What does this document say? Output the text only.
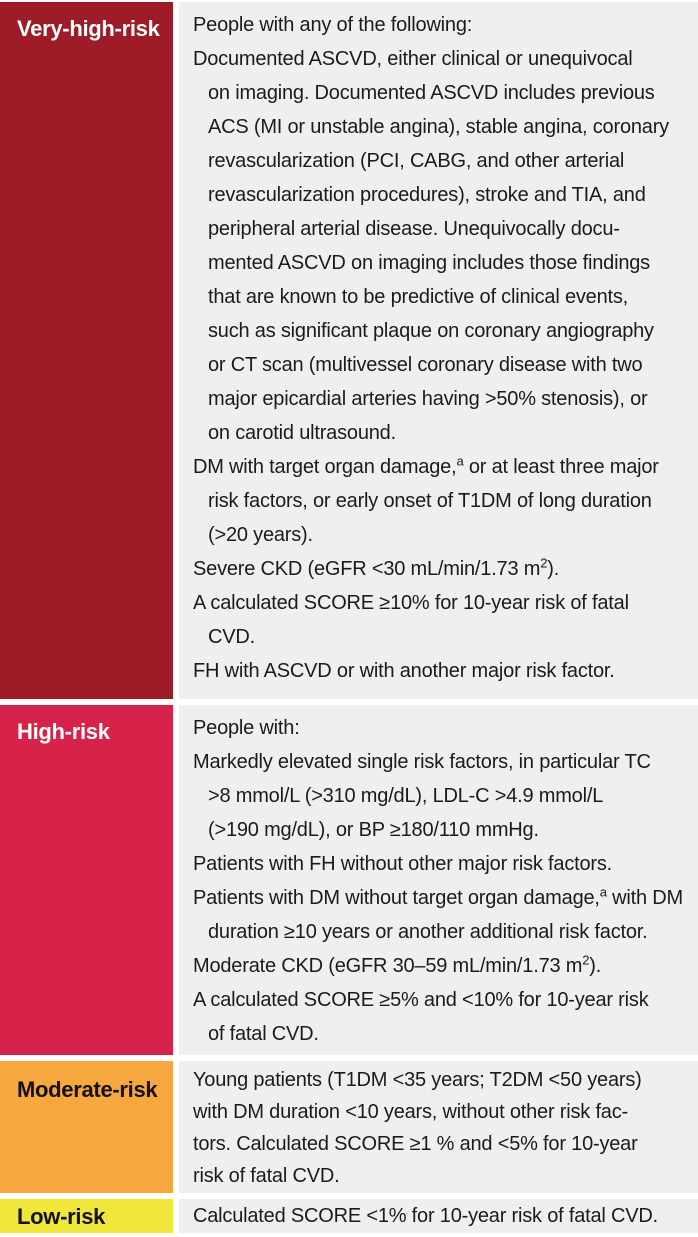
Very-high-risk	People with any of the following:
Documented ASCVD, either clinical or unequivocal
on imaging. Documented ASCVD includes previous
ACS (MI or unstable angina), stable angina, coronary
revascularization (PCI, CABG, and other arterial
revascularization procedures), stroke and TIA, and
peripheral arterial disease. Unequivocally docu-
mented ASCVD on imaging includes those findings
that are known to be predictive of clinical events,
such as significant plaque on coronary angiography
or CT scan (multivessel coronary disease with two
major epicardial arteries having >50% stenosis), or
on carotid ultrasound.
DM with target organ damage,$^a$ or at least three major
risk factors, or early onset of T1DM of long duration
(>20 years).
Severe CKD (eGFR <30 mL/min/1.73 $m^2$).
A calculated SCORE ≥10% for 10-year risk of fatal
CVD.
FH with ASCVD or with another major risk factor.
High-risk	People with:
Markedly elevated single risk factors, in particular TC
>8 mmol/L (>310 mg/dL), LDL-C >4.9 mmol/L
(>190 mg/dL), or BP ≥180/110 mmHg.
Patients with FH without other major risk factors.
Patients with DM without target organ damage,$^a$ with DM
duration ≥10 years or another additional risk factor.
Moderate CKD (eGFR 30–59 mL/min/1.73 $m^2$).
A calculated SCORE ≥5% and <10% for 10-year risk
of fatal CVD.
Moderate-risk	Young patients (T1DM <35 years; T2DM <50 years)
with DM duration <10 years, without other risk fac-
tors. Calculated SCORE ≥1 % and <5% for 10-year
risk of fatal CVD.
Low-risk	Calculated SCORE <1% for 10-year risk of fatal CVD.
